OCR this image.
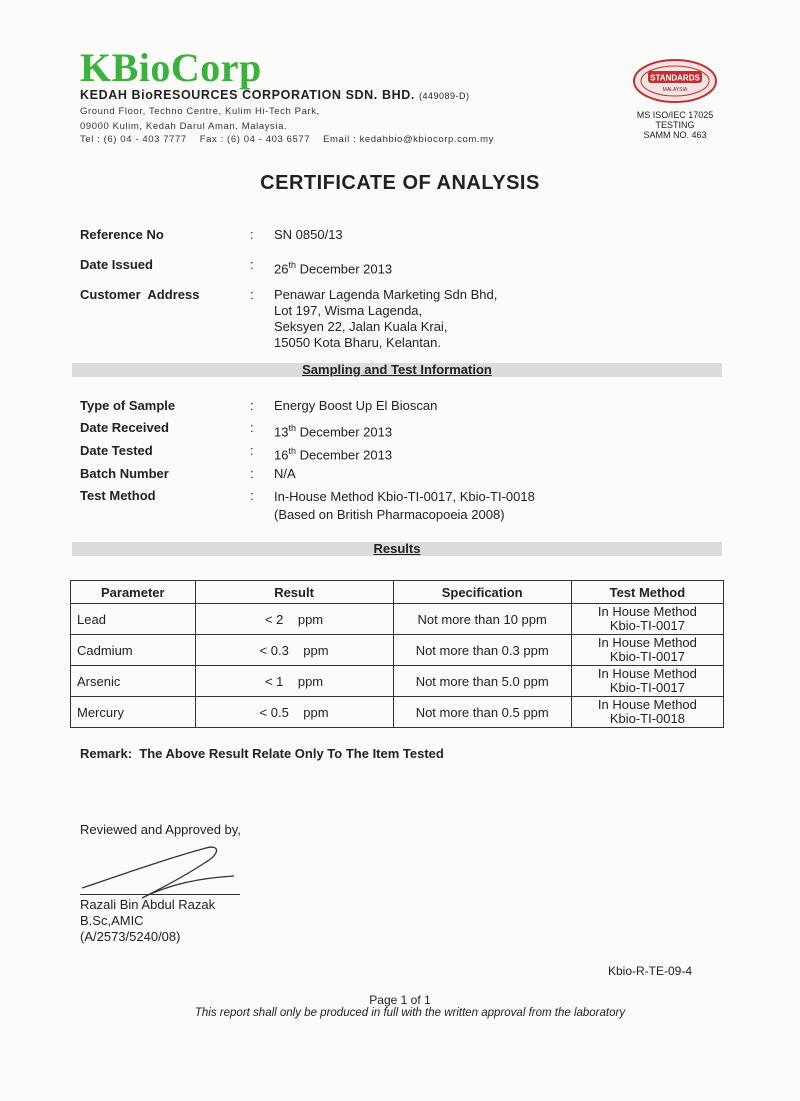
KBioCorp
KEDAH BioRESOURCES CORPORATION SDN. BHD. (449089-D)
Ground Floor, Techno Centre, Kulim Hi-Tech Park,
09000 Kulim, Kedah Darul Aman, Malaysia.
Tel : (6) 04 - 403 7777    Fax : (6) 04 - 403 6577    Email : kedahbio@kbiocorp.com.my
STANDARDS
MALAYSIA
MS ISO/IEC 17025
TESTING
SAMM NO. 463
CERTIFICATE OF ANALYSIS
Reference No	: SN 0850/13
Date Issued	: 26th December 2013
Customer  Address	: Penawar Lagenda Marketing Sdn Bhd,
Lot 197, Wisma Lagenda,
Seksyen 22, Jalan Kuala Krai,
15050 Kota Bharu, Kelantan.
Sampling and Test Information
Type of Sample	: Energy Boost Up El Bioscan
Date Received	: 13th December 2013
Date Tested	: 16th December 2013
Batch Number	: N/A
Test Method	: In-House Method Kbio-TI-0017, Kbio-TI-0018
(Based on British Pharmacopoeia 2008)
Results
Parameter	Result	Specification	Test Method
Lead	< 2    ppm	Not more than 10 ppm	In House Method
Kbio-TI-0017

Cadmium	< 0.3    ppm	Not more than 0.3 ppm	In House Method
Kbio-TI-0017

Arsenic	< 1    ppm	Not more than 5.0 ppm	In House Method
Kbio-TI-0017

Mercury	< 0.5    ppm	Not more than 0.5 ppm	In House Method
Kbio-TI-0018
Remark:  The Above Result Relate Only To The Item Tested
Reviewed and Approved by,
Razali Bin Abdul Razak
B.Sc,AMIC
(A/2573/5240/08)
Kbio-R-TE-09-4
Page 1 of 1
This report shall only be produced in full with the written approval from the laboratory
